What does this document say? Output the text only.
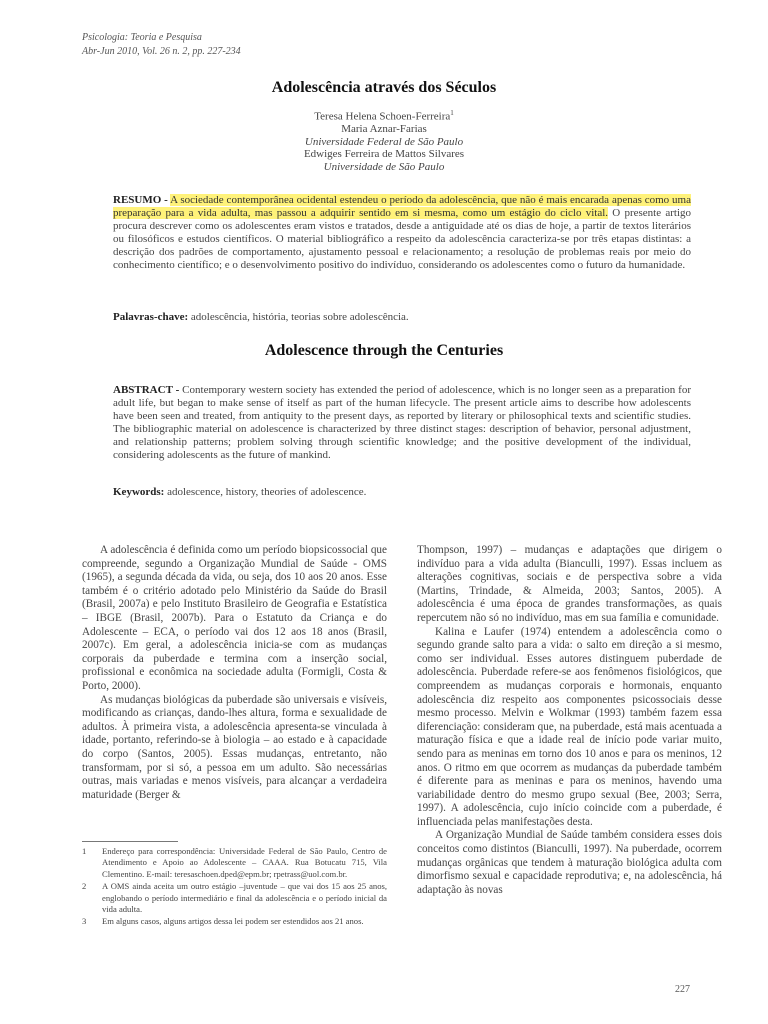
Psicologia: Teoria e Pesquisa
Abr-Jun 2010, Vol. 26 n. 2, pp. 227-234
Adolescência através dos Séculos
Teresa Helena Schoen-Ferreira$^1$
Maria Aznar-Farias
Universidade Federal de São Paulo
Edwiges Ferreira de Mattos Silvares
Universidade de São Paulo
RESUMO - A sociedade contemporânea ocidental estendeu o período da adolescência, que não é mais encarada apenas como uma preparação para a vida adulta, mas passou a adquirir sentido em si mesma, como um estágio do ciclo vital. O presente artigo procura descrever como os adolescentes eram vistos e tratados, desde a antiguidade até os dias de hoje, a partir de textos literários ou filosóficos e estudos científicos. O material bibliográfico a respeito da adolescência caracteriza-se por três etapas distintas: a descrição dos padrões de comportamento, ajustamento pessoal e relacionamento; a resolução de problemas reais por meio do conhecimento científico; e o desenvolvimento positivo do indivíduo, considerando os adolescentes como o futuro da humanidade.
Palavras-chave: adolescência, história, teorias sobre adolescência.
Adolescence through the Centuries
ABSTRACT - Contemporary western society has extended the period of adolescence, which is no longer seen as a preparation for adult life, but began to make sense of itself as part of the human lifecycle. The present article aims to describe how adolescents have been seen and treated, from antiquity to the present days, as reported by literary or philosophical texts and scientific studies. The bibliographic material on adolescence is characterized by three distinct stages: description of behavior, personal adjustment, and relationship patterns; problem solving through scientific knowledge; and the positive development of the individual, considering adolescents as the future of mankind.
Keywords: adolescence, history, theories of adolescence.

A adolescência é definida como um período biopsicossocial que compreende, segundo a Organização Mundial de Saúde - OMS (1965), a segunda década da vida, ou seja, dos 10 aos 20 anos. Esse também é o critério adotado pelo Ministério da Saúde do Brasil (Brasil, 2007a) e pelo Instituto Brasileiro de Geografia e Estatística – IBGE (Brasil, 2007b). Para o Estatuto da Criança e do Adolescente – ECA, o período vai dos 12 aos 18 anos (Brasil, 2007c). Em geral, a adolescência inicia-se com as mudanças corporais da puberdade e termina com a inserção social, profissional e econômica na sociedade adulta (Formigli, Costa & Porto, 2000).

As mudanças biológicas da puberdade são universais e visíveis, modificando as crianças, dando-lhes altura, forma e sexualidade de adultos. À primeira vista, a adolescência apresenta-se vinculada à idade, portanto, referindo-se à biologia – ao estado e à capacidade do corpo (Santos, 2005). Essas mudanças, entretanto, não transformam, por si só, a pessoa em um adulto. São necessárias outras, mais variadas e menos visíveis, para alcançar a verdadeira maturidade (Berger &

Thompson, 1997) – mudanças e adaptações que dirigem o indivíduo para a vida adulta (Bianculli, 1997). Essas incluem as alterações cognitivas, sociais e de perspectiva sobre a vida (Martins, Trindade, & Almeida, 2003; Santos, 2005). A adolescência é uma época de grandes transformações, as quais repercutem não só no indivíduo, mas em sua família e comunidade.

Kalina e Laufer (1974) entendem a adolescência como o segundo grande salto para a vida: o salto em direção a si mesmo, como ser individual. Esses autores distinguem puberdade de adolescência. Puberdade refere-se aos fenômenos fisiológicos, que compreendem as mudanças corporais e hormonais, enquanto adolescência diz respeito aos componentes psicossociais desse mesmo processo. Melvin e Wolkmar (1993) também fazem essa diferenciação: consideram que, na puberdade, está mais acentuada a maturação física e que a idade real de início pode variar muito, sendo para as meninas em torno dos 10 anos e para os meninos, 12 anos. O ritmo em que ocorrem as mudanças da puberdade também é diferente para as meninas e para os meninos, havendo uma variabilidade dentro do mesmo grupo sexual (Bee, 2003; Serra, 1997). A adolescência, cujo início coincide com a puberdade, é influenciada pelas manifestações desta.

A Organização Mundial de Saúde também considera esses dois conceitos como distintos (Bianculli, 1997). Na puberdade, ocorrem mudanças orgânicas que tendem à maturação biológica adulta com dimorfismo sexual e capacidade reprodutiva; e, na adolescência, há adaptação às novas

1	Endereço para correspondência: Universidade Federal de São Paulo, Centro de Atendimento e Apoio ao Adolescente – CAAA. Rua Botucatu 715, Vila Clementino. E-mail: teresaschoen.dped@epm.br; rpetrass@uol.com.br.
2	A OMS ainda aceita um outro estágio –juventude – que vai dos 15 aos 25 anos, englobando o período intermediário e final da adolescência e o período inicial da vida adulta.
3	Em alguns casos, alguns artigos dessa lei podem ser estendidos aos 21 anos.
227
